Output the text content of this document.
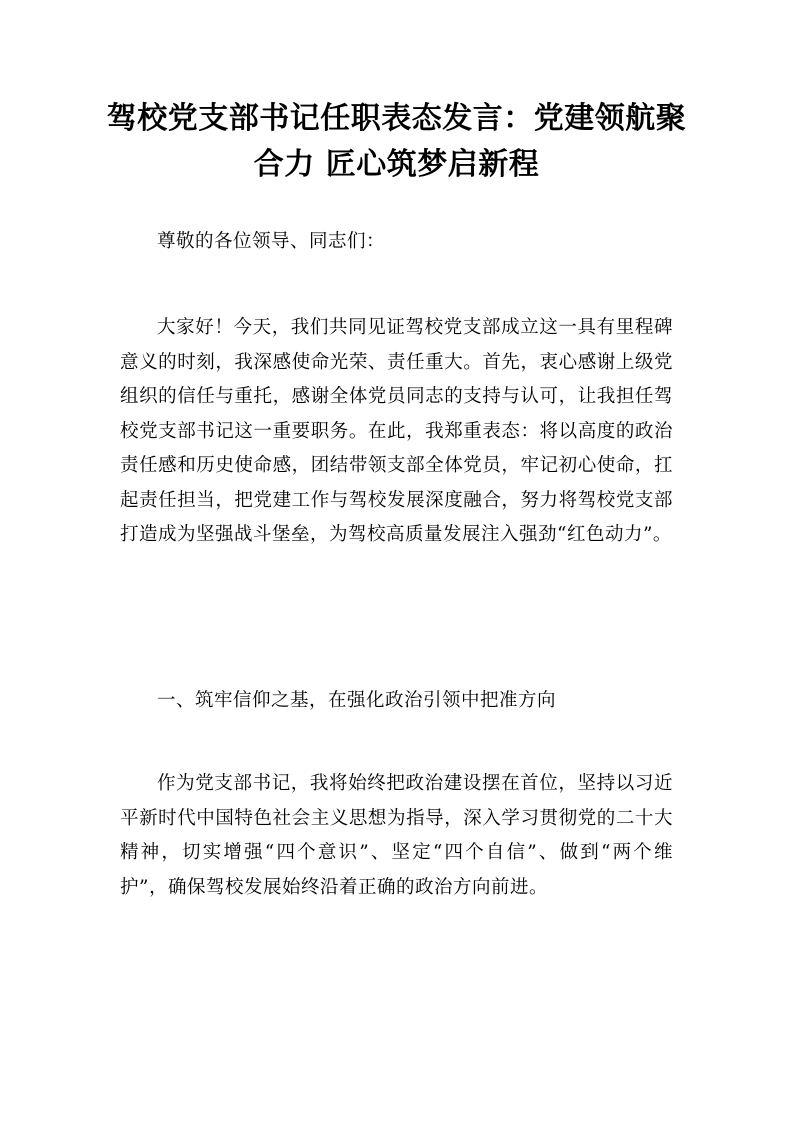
驾校党支部书记任职表态发言：党建领航聚合力 匠心筑梦启新程

尊敬的各位领导、同志们：

大家好！今天，我们共同见证驾校党支部成立这一具有里程碑意义的时刻，我深感使命光荣、责任重大。首先，衷心感谢上级党组织的信任与重托，感谢全体党员同志的支持与认可，让我担任驾校党支部书记这一重要职务。在此，我郑重表态：将以高度的政治责任感和历史使命感，团结带领支部全体党员，牢记初心使命，扛起责任担当，把党建工作与驾校发展深度融合，努力将驾校党支部打造成为坚强战斗堡垒，为驾校高质量发展注入强劲“红色动力”。

一、筑牢信仰之基，在强化政治引领中把准方向

作为党支部书记，我将始终把政治建设摆在首位，坚持以习近平新时代中国特色社会主义思想为指导，深入学习贯彻党的二十大精神，切实增强“四个意识”、坚定“四个自信”、做到“两个维护”，确保驾校发展始终沿着正确的政治方向前进。
